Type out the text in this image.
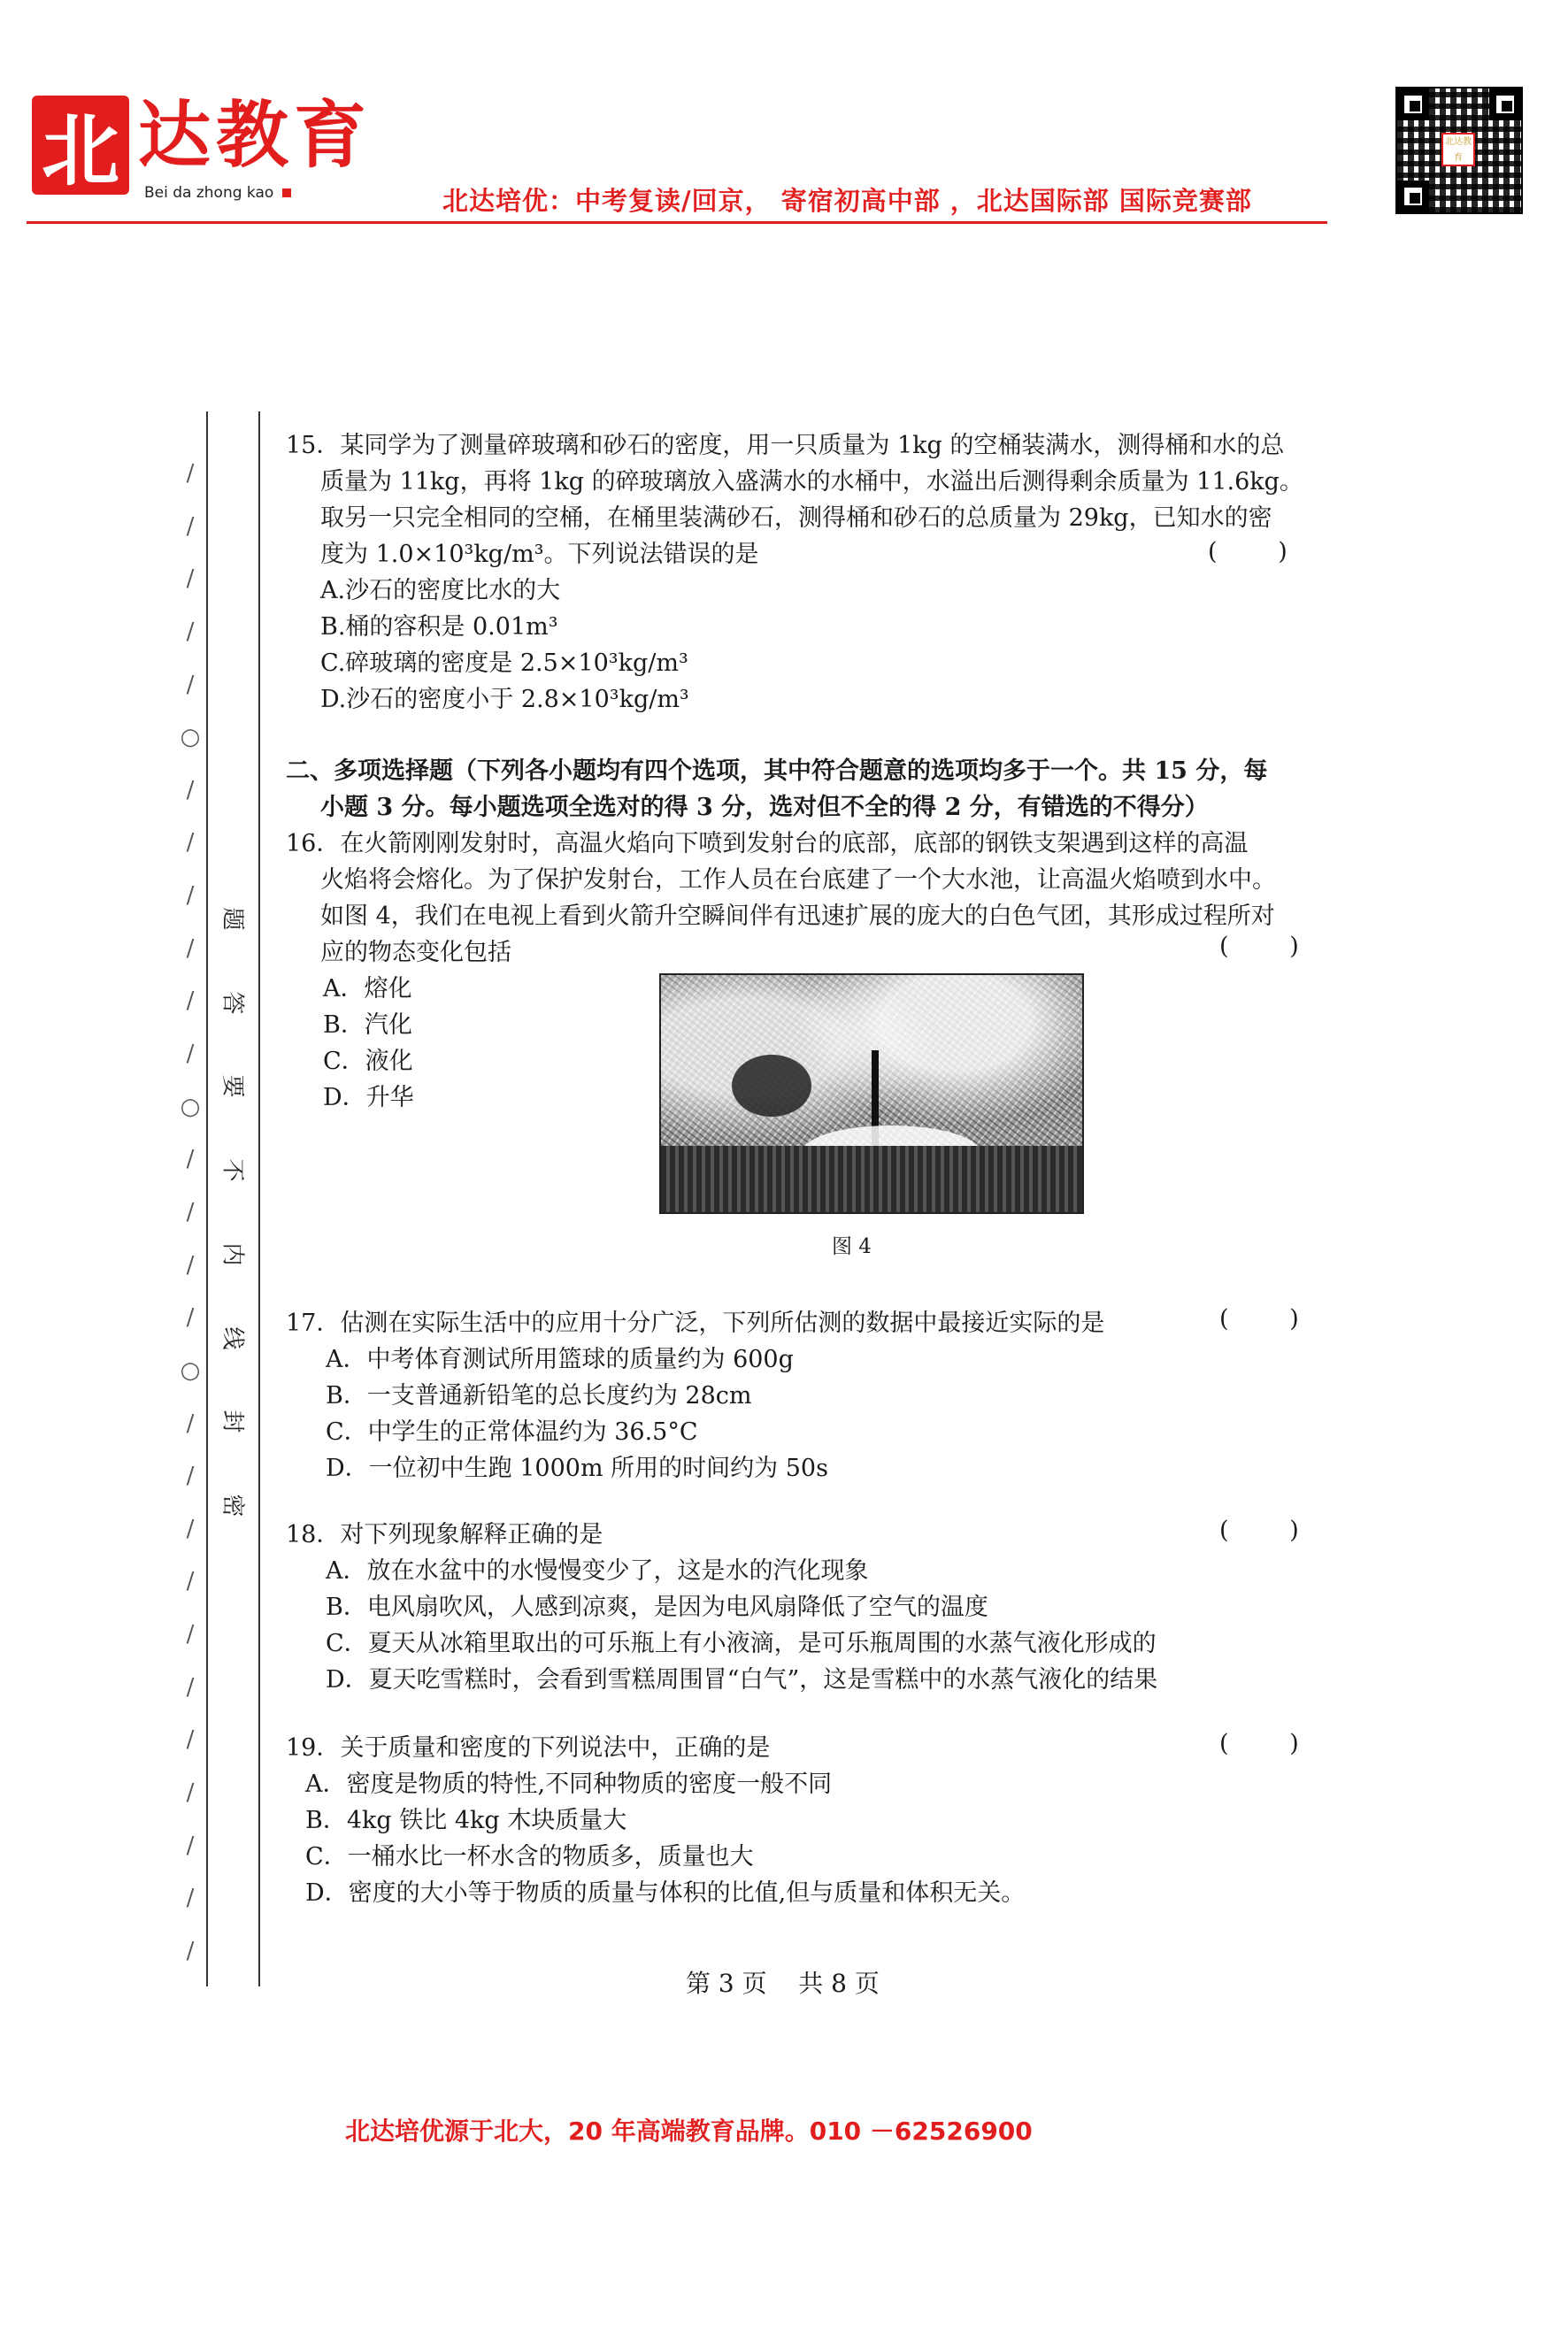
北 达教育
Bei da zhong kao	北达培优：中考复读/回京， 寄宿初高中部 ，北达国际部 国际竞赛部
北达教育
/
/
/
/
/
○
/
/
/
/
/
/
○
/
/
/
/
○
/
/
/
/
/
/
/
/
/
/
/
题
答
要
不
内
线
封
密
15．某同学为了测量碎玻璃和砂石的密度，用一只质量为 1kg 的空桶装满水，测得桶和水的总
质量为 11kg，再将 1kg 的碎玻璃放入盛满水的水桶中，水溢出后测得剩余质量为 11.6kg。
取另一只完全相同的空桶，在桶里装满砂石，测得桶和砂石的总质量为 29kg，已知水的密
度为 1.0×10³kg/m³。下列说法错误的是
A.沙石的密度比水的大
B.桶的容积是 0.01m³
C.碎玻璃的密度是 2.5×10³kg/m³
D.沙石的密度小于 2.8×10³kg/m³
(        )
二、多项选择题（下列各小题均有四个选项，其中符合题意的选项均多于一个。共 15 分，每
小题 3 分。每小题选项全选对的得 3 分，选对但不全的得 2 分，有错选的不得分）
16．在火箭刚刚发射时，高温火焰向下喷到发射台的底部，底部的钢铁支架遇到这样的高温
火焰将会熔化。为了保护发射台，工作人员在台底建了一个大水池，让高温火焰喷到水中。
如图 4，我们在电视上看到火箭升空瞬间伴有迅速扩展的庞大的白色气团，其形成过程所对
应的物态变化包括
A．熔化
B．汽化
C．液化
D．升华
(        )
图 4
17．估测在实际生活中的应用十分广泛，下列所估测的数据中最接近实际的是
A．中考体育测试所用篮球的质量约为 600g
B．一支普通新铅笔的总长度约为 28cm
C．中学生的正常体温约为 36.5°C
D．一位初中生跑 1000m 所用的时间约为 50s
(        )
18．对下列现象解释正确的是
A．放在水盆中的水慢慢变少了，这是水的汽化现象
B．电风扇吹风，人感到凉爽，是因为电风扇降低了空气的温度
C．夏天从冰箱里取出的可乐瓶上有小液滴，是可乐瓶周围的水蒸气液化形成的
D．夏天吃雪糕时，会看到雪糕周围冒“白气”，这是雪糕中的水蒸气液化的结果
(        )
19．关于质量和密度的下列说法中，正确的是
A．密度是物质的特性,不同种物质的密度一般不同
B．4kg 铁比 4kg 木块质量大
C．一桶水比一杯水含的物质多，质量也大
D．密度的大小等于物质的质量与体积的比值,但与质量和体积无关。
(        )
第 3 页    共 8 页
北达培优源于北大，20 年高端教育品牌。010 －62526900
